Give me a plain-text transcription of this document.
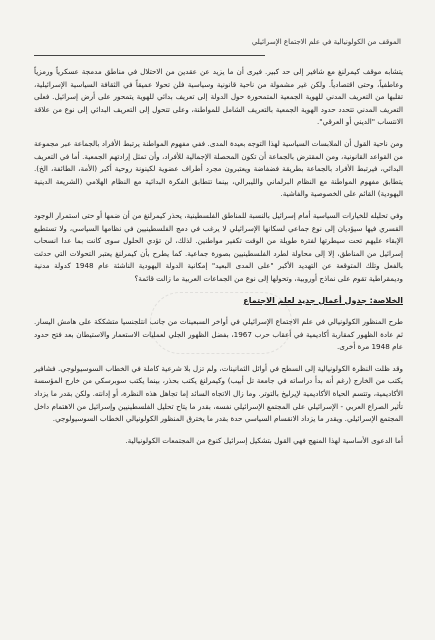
الموقف من الكولونيالية في علم الاجتماع الإسرائيلي

يتشابه موقف كيمرلنغ مع شافير إلى حد كبير. فيرى أن ما يزيد عن عقدين من الاحتلال في مناطق مدمجة عسكرياً ورمزياً وعاطفياً، وحتى اقتصادياً. ولكن غير مشمولة من ناحية قانونية وسياسية فلن تحولا عميقاً في الثقافة السياسية الإسرائيلية، تقلبها من التعريف المدني للهوية الجمعية المتمحورة حول الدولة إلى تعريف بدائي للهوية يتمحور على أرض إسرائيل. فعلى التعريف المدني تتحدد حدود الهوية الجمعية بالتعريف الشامل للمواطنة، وعلى تتحول إلى التعريف البدائي إلى نوع من علاقة الانتساب "الديني أو العرقي".

ومن ناحية القول أن الملابسات السياسية لهذا التوجه بعيدة المدى. ففي مفهوم المواطنة يرتبط الأفراد بالجماعة عبر مجموعة من القواعد القانونية، ومن المقترض بالجماعة أن تكون المحصلة الإجمالية للأفراد، وأن تمثل إرادتهم الجمعية. أما في التعريف البدائي، فيرتبط الأفراد بالجماعة بطريقة فضفاضة ويعتبرون مجرد أطراف عضوية لكينونة روحية أكبر (الأمة، الطائفة، الخ). يتطابق مفهوم المواطنة مع النظام البرلماني والليبرالي، بينما تتطابق الفكرة البدائية مع النظام الهلامي (الشريعة الدينية اليهودية) القائم على الخصوصية والفاشية.

وفي تحليله للخيارات السياسية أمام إسرائيل بالنسبة للمناطق الفلسطينية، يحذر كيمرلنغ من أن ضمها أو حتى استمرار الوجود القسري فيها سيؤديان إلى نوع جماعي لسكانها الإسرائيلي لا يرغب في دمج الفلسطينيين في نظامها السياسي، ولا تستطيع الإبقاء عليهم تحت سيطرتها لفترة طويلة من الوقت تكفير مواطنين. لذلك، لن تؤدي الحلول سوى كانت بما عدا انسحاب إسرائيل من المناطق، إلا إلى محاولة لطرد الفلسطينيين بصورة جماعية. كما يطرح بأن كيمرلنغ يعتبر التحولات التي حدثت بالفعل وتلك المتوقعة عن التهديد الأكبر "على المدى البعيد" إمكانية الدولة اليهودية الناشئة عام 1948 كدولة مدنية وديمقراطية تقوم على نماذج أوروبية، وتحولها إلى نوع من الجماعات العربية ما زالت قائمة؟

الخلاصة: جدول أعمال جديد لعلم الاجتماع

طرح المنظور الكولونيالي في علم الاجتماع الإسرائيلي في أواخر السبعينات من جانب انتلجنسيا متشككة على هامش اليسار. ثم عادة الظهور كمقاربة أكاديمية في أعقاب حرب 1967، بفضل الظهور الجلي لعمليات الاستعمار والاستيطان بعد فتح حدود عام 1948 مرة أخرى.

وقد ظلت النظرة الكولونيالية إلى السطح في أوائل الثمانينات، ولم تزل بلا شرعية كاملة في الخطاب السوسيولوجي. فشافير يكتب من الخارج (رغم أنه بدأ دراساته في جامعة تل أبيب) وكيمرلنغ يكتب بحذر، بينما يكتب سوبرسكي من خارج المؤسسة الأكاديمية، وتتسم الحياة الأكاديمية لإيرليخ بالتوتر. وما زال الاتجاه السائد إما تجاهل هذه النظرة، أو إدانته. ولكن بقدر ما يزداد تأثير الصراع العربي - الإسرائيلي على المجتمع الإسرائيلي نفسه، بقدر ما يتاح تحليل الفلسطينيين وإسرائيل من الاهتمام داخل المجتمع الإسرائيلي. ويقدر ما يزداد الانقسام السياسي حدة بقدر ما يخترق المنظور الكولونيالي الخطاب السوسيولوجي.

أما الدعوى الأساسية لهذا المنهج فهي القول بتشكيل إسرائيل كنوع من المجتمعات الكولونيالية.
